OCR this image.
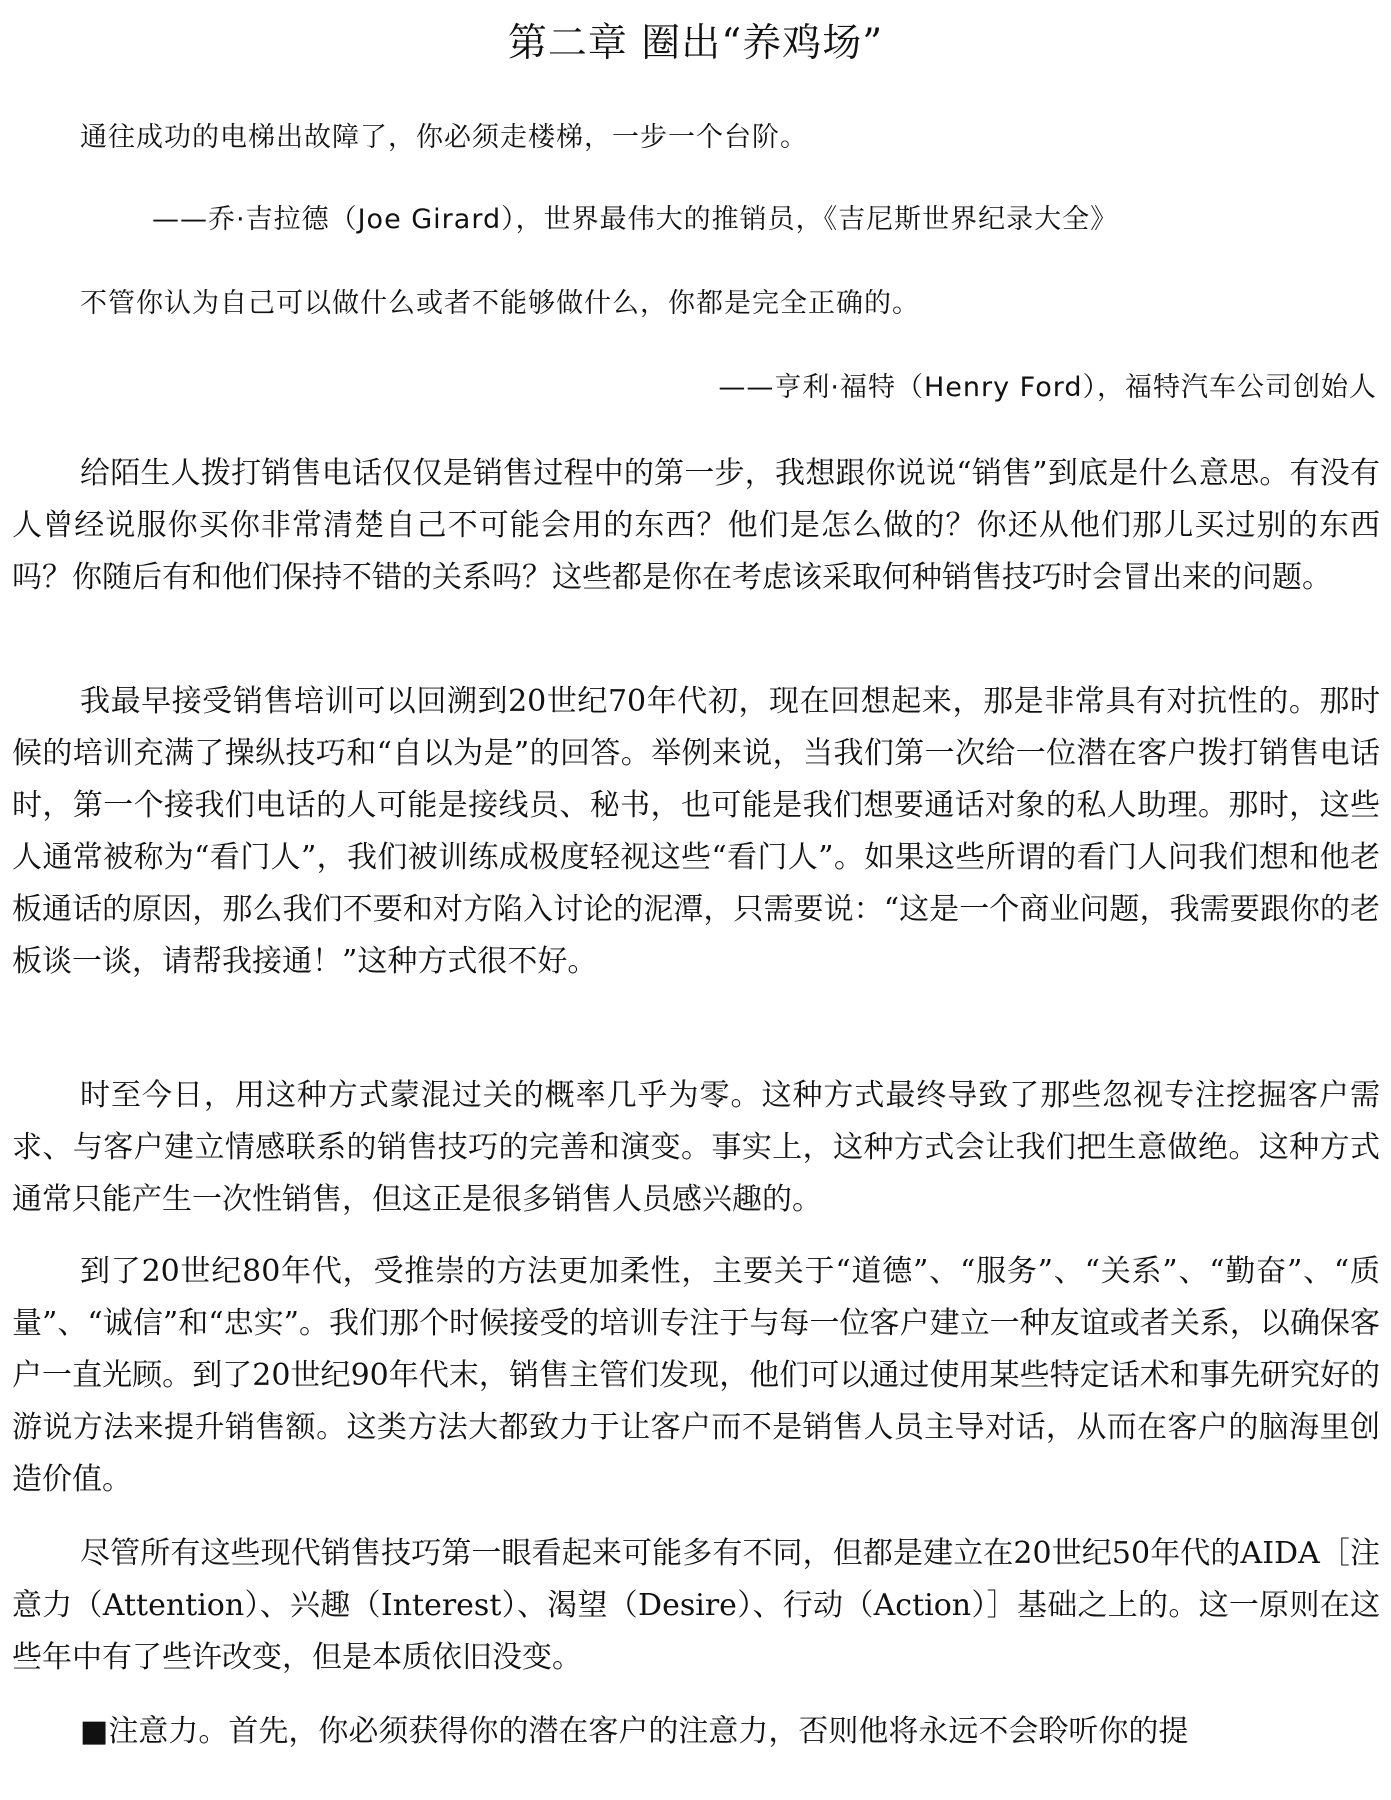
第二章 圈出“养鸡场”
通往成功的电梯出故障了，你必须走楼梯，一步一个台阶。
——乔·吉拉德（Joe Girard），世界最伟大的推销员，《吉尼斯世界纪录大全》
不管你认为自己可以做什么或者不能够做什么，你都是完全正确的。
——亨利·福特（Henry Ford），福特汽车公司创始人

给陌生人拨打销售电话仅仅是销售过程中的第一步，我想跟你说说“销售”到底是什么意思。有没有人曾经说服你买你非常清楚自己不可能会用的东西？他们是怎么做的？你还从他们那儿买过别的东西吗？你随后有和他们保持不错的关系吗？这些都是你在考虑该采取何种销售技巧时会冒出来的问题。

我最早接受销售培训可以回溯到20世纪70年代初，现在回想起来，那是非常具有对抗性的。那时候的培训充满了操纵技巧和“自以为是”的回答。举例来说，当我们第一次给一位潜在客户拨打销售电话时，第一个接我们电话的人可能是接线员、秘书，也可能是我们想要通话对象的私人助理。那时，这些人通常被称为“看门人”，我们被训练成极度轻视这些“看门人”。如果这些所谓的看门人问我们想和他老板通话的原因，那么我们不要和对方陷入讨论的泥潭，只需要说：“这是一个商业问题，我需要跟你的老板谈一谈，请帮我接通！”这种方式很不好。

时至今日，用这种方式蒙混过关的概率几乎为零。这种方式最终导致了那些忽视专注挖掘客户需求、与客户建立情感联系的销售技巧的完善和演变。事实上，这种方式会让我们把生意做绝。这种方式通常只能产生一次性销售，但这正是很多销售人员感兴趣的。

到了20世纪80年代，受推崇的方法更加柔性，主要关于“道德”、“服务”、“关系”、“勤奋”、“质量”、“诚信”和“忠实”。我们那个时候接受的培训专注于与每一位客户建立一种友谊或者关系，以确保客户一直光顾。到了20世纪90年代末，销售主管们发现，他们可以通过使用某些特定话术和事先研究好的游说方法来提升销售额。这类方法大都致力于让客户而不是销售人员主导对话，从而在客户的脑海里创造价值。

尽管所有这些现代销售技巧第一眼看起来可能多有不同，但都是建立在20世纪50年代的AIDA［注意力（Attention）、兴趣（Interest）、渴望（Desire）、行动（Action）］基础之上的。这一原则在这些年中有了些许改变，但是本质依旧没变。

■注意力。首先，你必须获得你的潜在客户的注意力，否则他将永远不会聆听你的提
